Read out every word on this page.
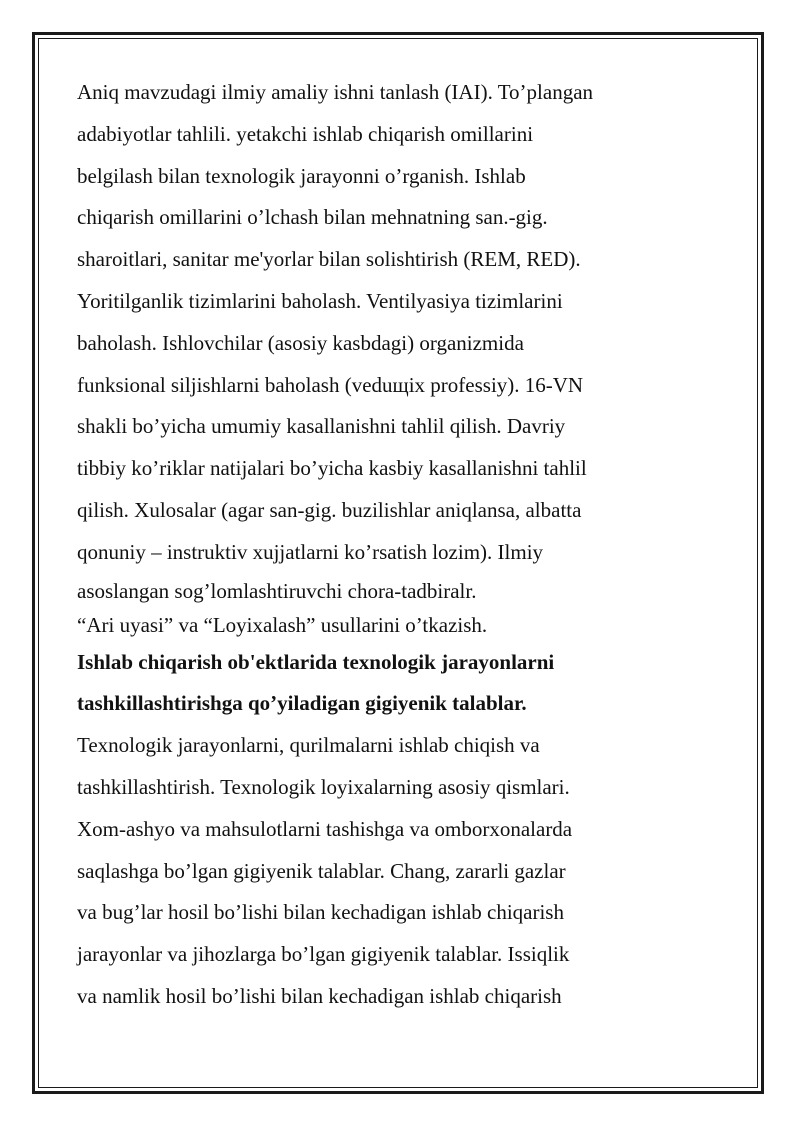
Aniq mavzudagi ilmiy amaliy ishni tanlash (IAI). To’plangan
adabiyotlar tahlili. yetakchi ishlab chiqarish omillarini
belgilash bilan texnologik jarayonni o’rganish. Ishlab
chiqarish omillarini o’lchash bilan mehnatning san.-gig.
sharoitlari, sanitar me'yorlar bilan solishtirish (REM, RED).
Yoritilganlik tizimlarini baholash. Ventilyasiya tizimlarini
baholash. Ishlovchilar (asosiy kasbdagi) organizmida
funksional siljishlarni baholash (veduщix professiy). 16-VN
shakli bo’yicha umumiy kasallanishni tahlil qilish. Davriy
tibbiy ko’riklar natijalari bo’yicha kasbiy kasallanishni tahlil
qilish. Xulosalar (agar san-gig. buzilishlar aniqlansa, albatta
qonuniy – instruktiv xujjatlarni ko’rsatish lozim). Ilmiy
asoslangan sog’lomlashtiruvchi chora-tadbiralr.
“Ari uyasi” va “Loyixalash” usullarini o’tkazish.
Ishlab chiqarish ob'ektlarida texnologik jarayonlarni
tashkillashtirishga qo’yiladigan gigiyenik talablar.
Texnologik jarayonlarni, qurilmalarni ishlab chiqish va
tashkillashtirish. Texnologik loyixalarning asosiy qismlari.
Xom-ashyo va mahsulotlarni tashishga va omborxonalarda
saqlashga bo’lgan gigiyenik talablar. Chang, zararli gazlar
va bug’lar hosil bo’lishi bilan kechadigan ishlab chiqarish
jarayonlar va jihozlarga bo’lgan gigiyenik talablar. Issiqlik
va namlik hosil bo’lishi bilan kechadigan ishlab chiqarish
